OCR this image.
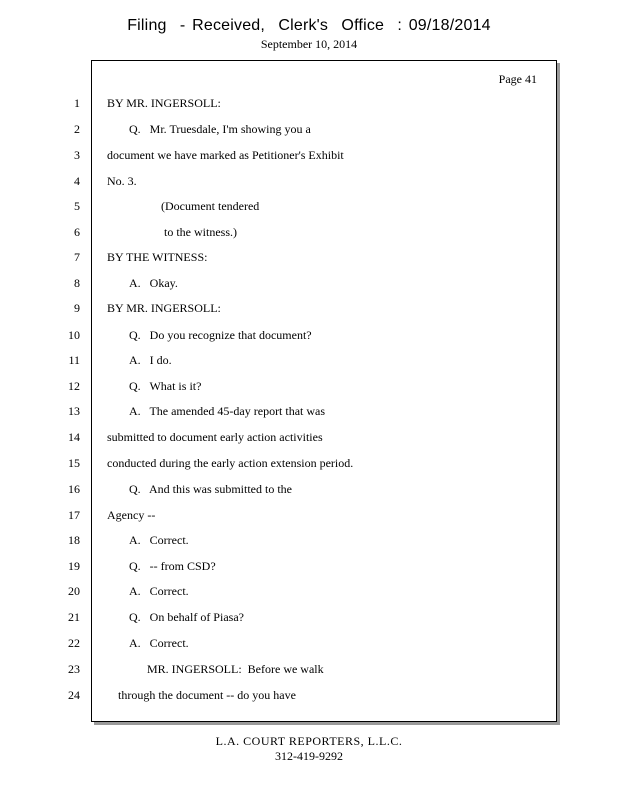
Filing  - Received,  Clerk's  Office  : 09/18/2014
September 10, 2014
Page 41
1 BY MR. INGERSOLL:
2	Q.   Mr. Truesdale, I'm showing you a
3 document we have marked as Petitioner's Exhibit
4 No. 3.
5	(Document tendered
6	to the witness.)
7 BY THE WITNESS:
8	A.   Okay.
9 BY MR. INGERSOLL:
10	Q.   Do you recognize that document?
11	A.   I do.
12	Q.   What is it?
13	A.   The amended 45-day report that was
14 submitted to document early action activities
15 conducted during the early action extension period.
16	Q.   And this was submitted to the
17 Agency --
18	A.   Correct.
19	Q.   -- from CSD?
20	A.   Correct.
21	Q.   On behalf of Piasa?
22	A.   Correct.
23	MR. INGERSOLL:  Before we walk
24	through the document -- do you have
L.A. COURT REPORTERS, L.L.C.
312-419-9292
